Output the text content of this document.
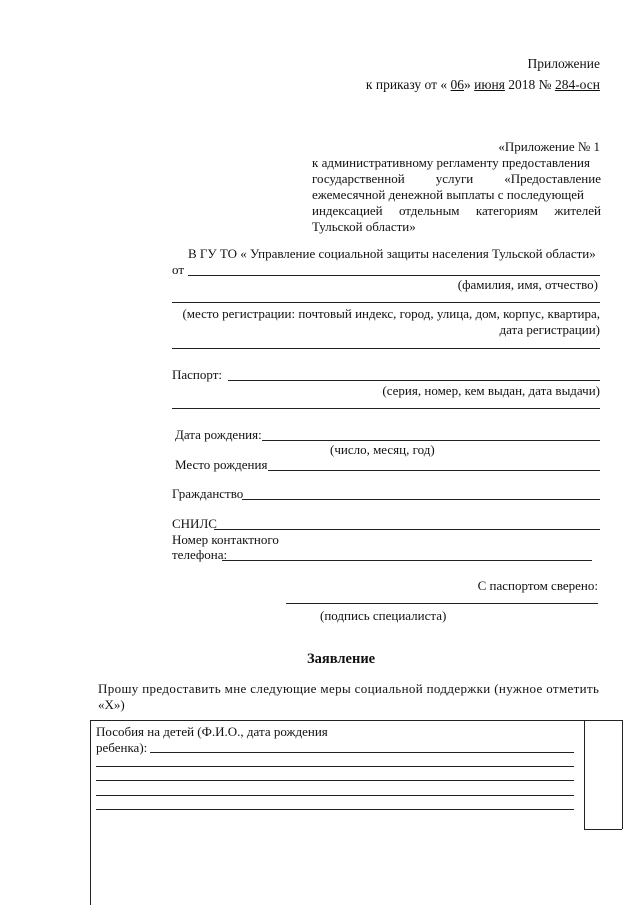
Приложение
к приказу от « 06» июня 2018 № 284-осн
«Приложение № 1
к административному регламенту предоставления
государственной услуги «Предоставление
ежемесячной денежной выплаты с последующей
индексацией отдельным категориям жителей
Тульской области»
В ГУ ТО « Управление социальной защиты населения Тульской области»
от
(фамилия, имя, отчество)
(место регистрации: почтовый индекс, город, улица, дом, корпус, квартира,
дата регистрации)
Паспорт:
(серия, номер, кем выдан, дата выдачи)
Дата рождения:
(число, месяц, год)
Место рождения
Гражданство
СНИЛС
Номер контактного
телефона:
С паспортом сверено:
(подпись специалиста)
Заявление
Прошу предоставить мне следующие меры социальной поддержки (нужное отметить
«Х»)
Пособия на детей (Ф.И.О., дата рождения
ребенка):
